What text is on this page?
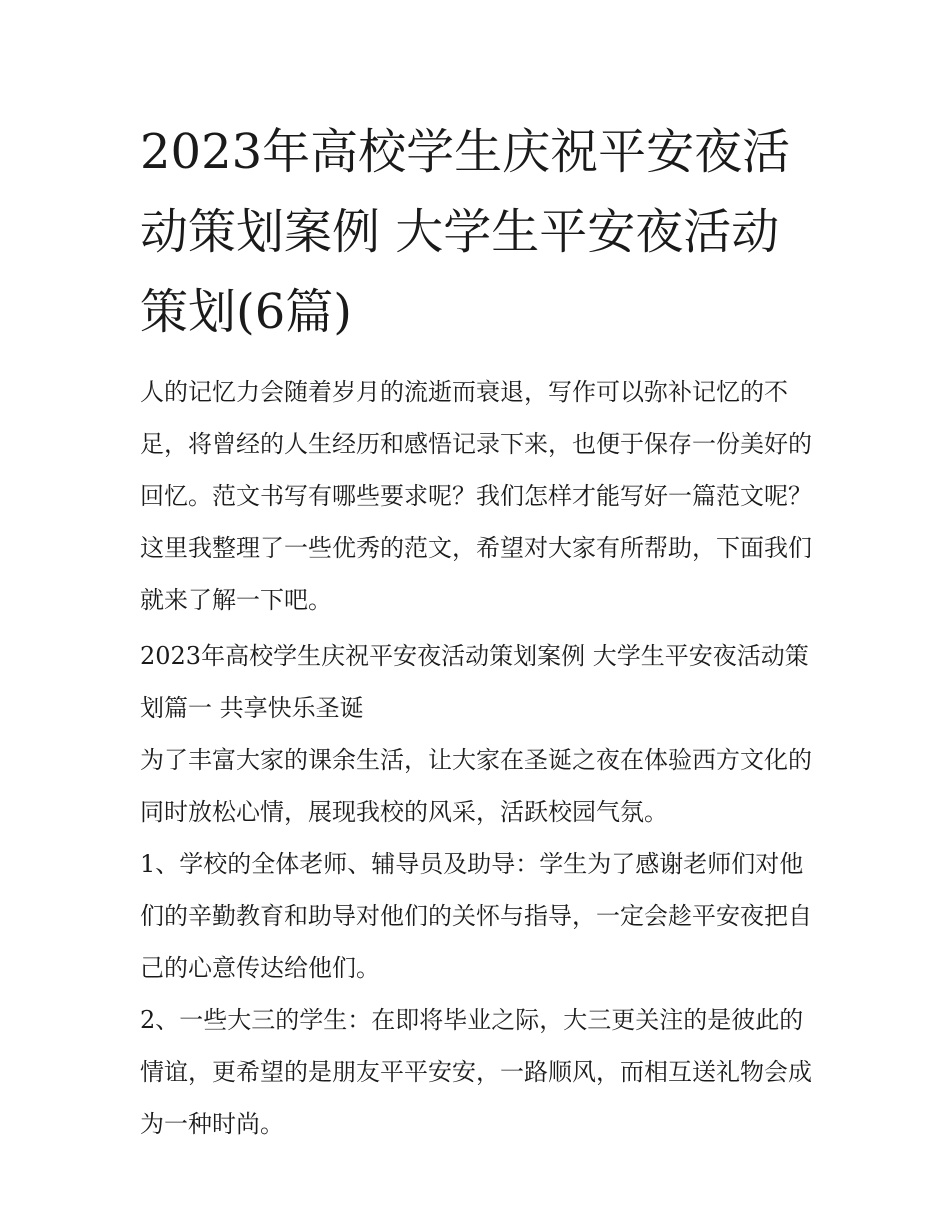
2023年高校学生庆祝平安夜活动策划案例 大学生平安夜活动策划(6篇)

人的记忆力会随着岁月的流逝而衰退，写作可以弥补记忆的不足，将曾经的人生经历和感悟记录下来，也便于保存一份美好的回忆。范文书写有哪些要求呢？我们怎样才能写好一篇范文呢？这里我整理了一些优秀的范文，希望对大家有所帮助，下面我们就来了解一下吧。

2023年高校学生庆祝平安夜活动策划案例 大学生平安夜活动策划篇一 共享快乐圣诞

为了丰富大家的课余生活，让大家在圣诞之夜在体验西方文化的同时放松心情，展现我校的风采，活跃校园气氛。

1、学校的全体老师、辅导员及助导：学生为了感谢老师们对他们的辛勤教育和助导对他们的关怀与指导，一定会趁平安夜把自己的心意传达给他们。

2、一些大三的学生：在即将毕业之际，大三更关注的是彼此的情谊，更希望的是朋友平平安安，一路顺风，而相互送礼物会成为一种时尚。
